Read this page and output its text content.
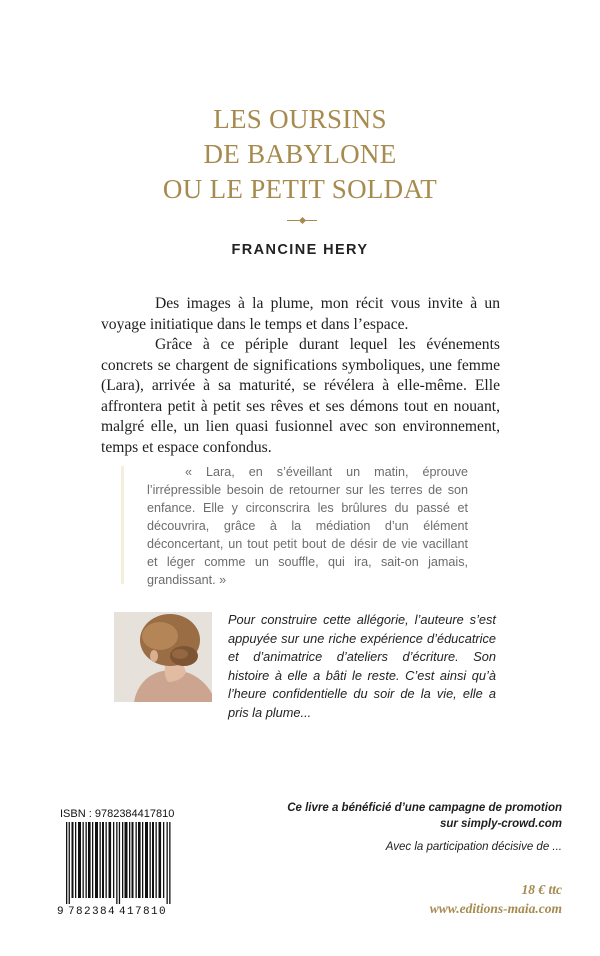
LES OURSINS
DE BABYLONE
OU LE PETIT SOLDAT
FRANCINE HERY

Des images à la plume, mon récit vous invite à un voyage initiatique dans le temps et dans l’espace.

Grâce à ce périple durant lequel les événements concrets se chargent de significations symboliques, une femme (Lara), arrivée à sa maturité, se révélera à elle-même. Elle affrontera petit à petit ses rêves et ses démons tout en nouant, malgré elle, un lien quasi fusionnel avec son environnement, temps et espace confondus.

« Lara, en s’éveillant un matin, éprouve l’irrépressible besoin de retourner sur les terres de son enfance. Elle y circonscrira les brûlures du passé et découvrira, grâce à la médiation d’un élément déconcertant, un tout petit bout de désir de vie vacillant et léger comme un souffle, qui ira, sait-on jamais, grandissant. »
Pour construire cette allégorie, l’auteure s’est appuyée sur une riche expérience d’éducatrice et d’animatrice d’ateliers d’écriture. Son histoire à elle a bâti le reste. C’est ainsi qu’à l’heure confidentielle du soir de la vie, elle a pris la plume...
ISBN : 9782384417810
9 7 8 2 3 8 4 4 1 7 8 1 0
Ce livre a bénéficié d’une campagne de promotion
sur simply-crowd.com
Avec la participation décisive de ...
18 € ttc
www.editions-maia.com
